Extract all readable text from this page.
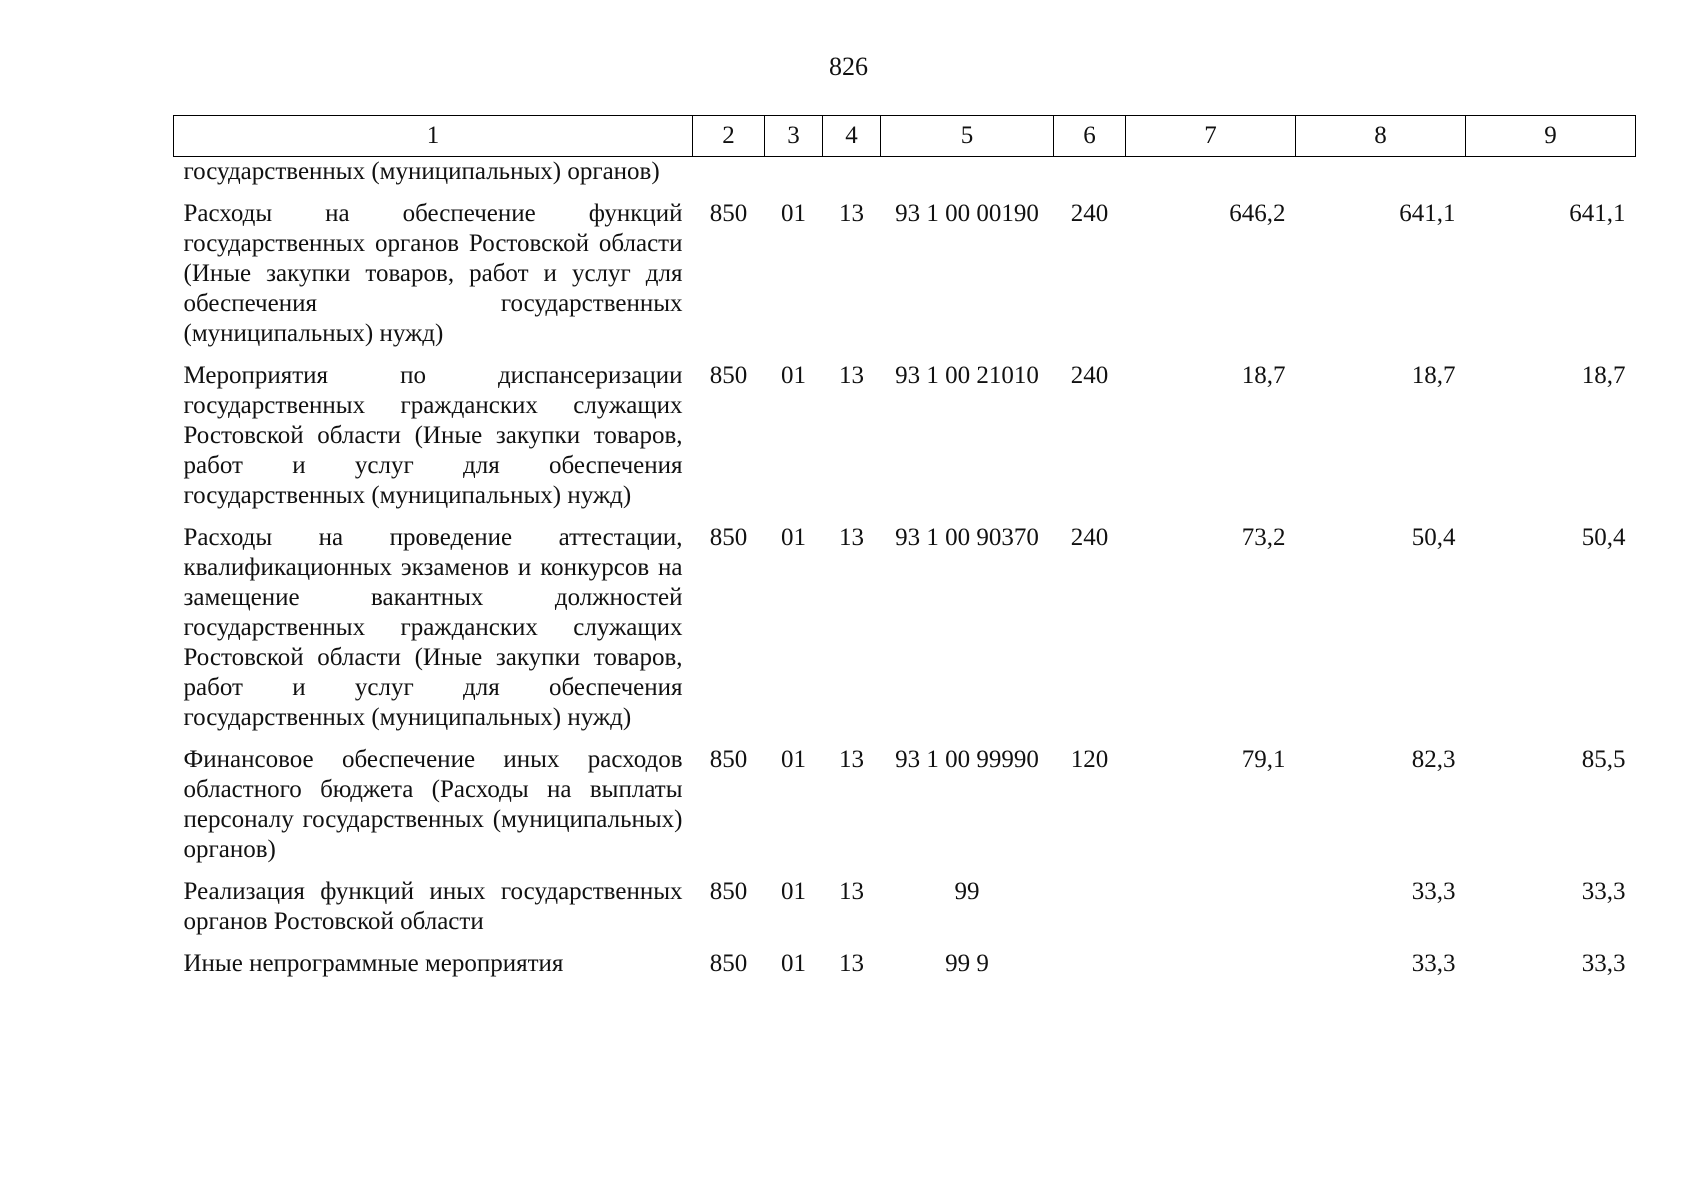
826
1	2	3	4	5	6	7	8	9
государственных (муниципальных) органов)								
Расходы на обеспечение функций государственных органов Ростовской области (Иные закупки товаров, работ и услуг для обеспечения государственных (муниципальных) нужд)	850	01	13	93 1 00 00190	240	646,2	641,1	641,1
Мероприятия по диспансеризации государственных гражданских служащих Ростовской области (Иные закупки товаров, работ и услуг для обеспечения государственных (муниципальных) нужд)	850	01	13	93 1 00 21010	240	18,7	18,7	18,7
Расходы на проведение аттестации, квалификационных экзаменов и конкурсов на замещение вакантных должностей государственных гражданских служащих Ростовской области (Иные закупки товаров, работ и услуг для обеспечения государственных (муниципальных) нужд)	850	01	13	93 1 00 90370	240	73,2	50,4	50,4
Финансовое обеспечение иных расходов областного бюджета (Расходы на выплаты персоналу государственных (муниципальных) органов)	850	01	13	93 1 00 99990	120	79,1	82,3	85,5
Реализация функций иных государственных органов Ростовской области	850	01	13	99			33,3	33,3
Иные непрограммные мероприятия	850	01	13	99 9			33,3	33,3
